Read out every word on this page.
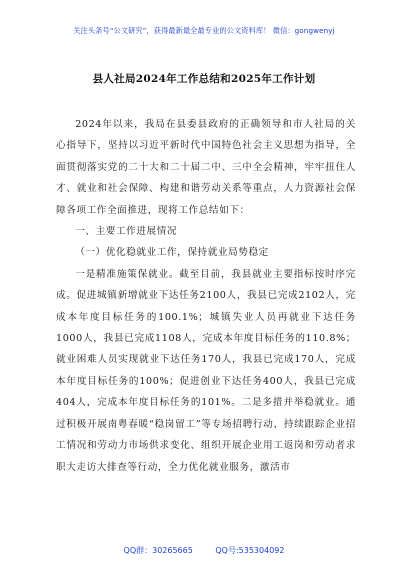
关注头条号“公文研究”，获得最新最全最专业的公文资料库！ 微信：gongwenyj
县人社局2024年工作总结和2025年工作计划

2024年以来，我局在县委县政府的正确领导和市人社局的关心指导下，坚持以习近平新时代中国特色社会主义思想为指导，全面贯彻落实党的二十大和二十届二中、三中全会精神，牢牢扭住人才、就业和社会保障、构建和谐劳动关系等重点，人力资源社会保障各项工作全面推进，现将工作总结如下：

一、主要工作进展情况

（一）优化稳就业工作，保持就业局势稳定

一是精准施策保就业。截至目前，我县就业主要指标按时序完成。促进城镇新增就业下达任务2100人，我县已完成2102人，完成本年度目标任务的100.1%；城镇失业人员再就业下达任务1000人，我县已完成1108人，完成本年度目标任务的110.8%；就业困难人员实现就业下达任务170人，我县已完成170人，完成本年度目标任务的100%；促进创业下达任务400人，我县已完成404人，完成本年度目标任务的101%。二是多措并举稳就业。通过积极开展南粤春暖“稳岗留工”等专场招聘行动，持续跟踪企业招工情况和劳动力市场供求变化、组织开展企业用工返岗和劳动者求职大走访大排查等行动，全力优化就业服务，激活市

QQ群：30265665	QQ号:535304092
